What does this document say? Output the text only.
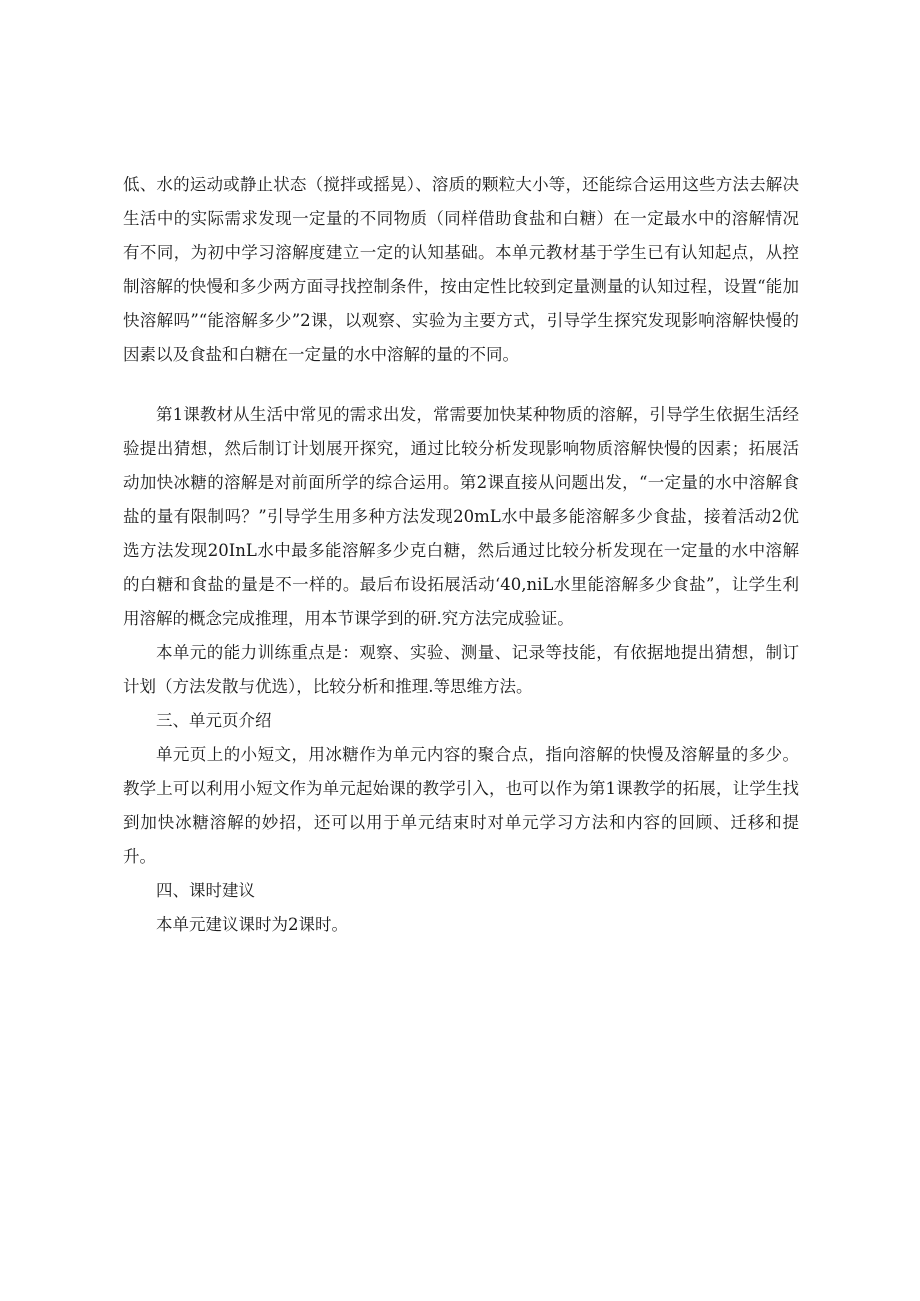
低、水的运动或静止状态（搅拌或摇晃）、溶质的颗粒大小等，还能综合运用这些方法去解决生活中的实际需求发现一定量的不同物质（同样借助食盐和白糖）在一定最水中的溶解情况有不同，为初中学习溶解度建立一定的认知基础。本单元教材基于学生已有认知起点，从控制溶解的快慢和多少两方面寻找控制条件，按由定性比较到定量测量的认知过程，设置“能加快溶解吗”“能溶解多少”2课，以观察、实验为主要方式，引导学生探究发现影响溶解快慢的因素以及食盐和白糖在一定量的水中溶解的量的不同。

第1课教材从生活中常见的需求出发，常需要加快某种物质的溶解，引导学生依据生活经验提出猜想，然后制订计划展开探究，通过比较分析发现影响物质溶解快慢的因素；拓展活动加快冰糖的溶解是对前面所学的综合运用。第2课直接从问题出发，“一定量的水中溶解食盐的量有限制吗？”引导学生用多种方法发现20mL水中最多能溶解多少食盐，接着活动2优选方法发现20InL水中最多能溶解多少克白糖，然后通过比较分析发现在一定量的水中溶解的白糖和食盐的量是不一样的。最后布设拓展活动‘40,niL水里能溶解多少食盐”，让学生利用溶解的概念完成推理，用本节课学到的研.究方法完成验证。

本单元的能力训练重点是：观察、实验、测量、记录等技能，有依据地提出猜想，制订计划（方法发散与优选），比较分析和推理.等思维方法。

三、单元页介绍

单元页上的小短文，用冰糖作为单元内容的聚合点，指向溶解的快慢及溶解量的多少。教学上可以利用小短文作为单元起始课的教学引入，也可以作为第1课教学的拓展，让学生找到加快冰糖溶解的妙招，还可以用于单元结束时对单元学习方法和内容的回顾、迁移和提升。

四、课时建议

本单元建议课时为2课时。
